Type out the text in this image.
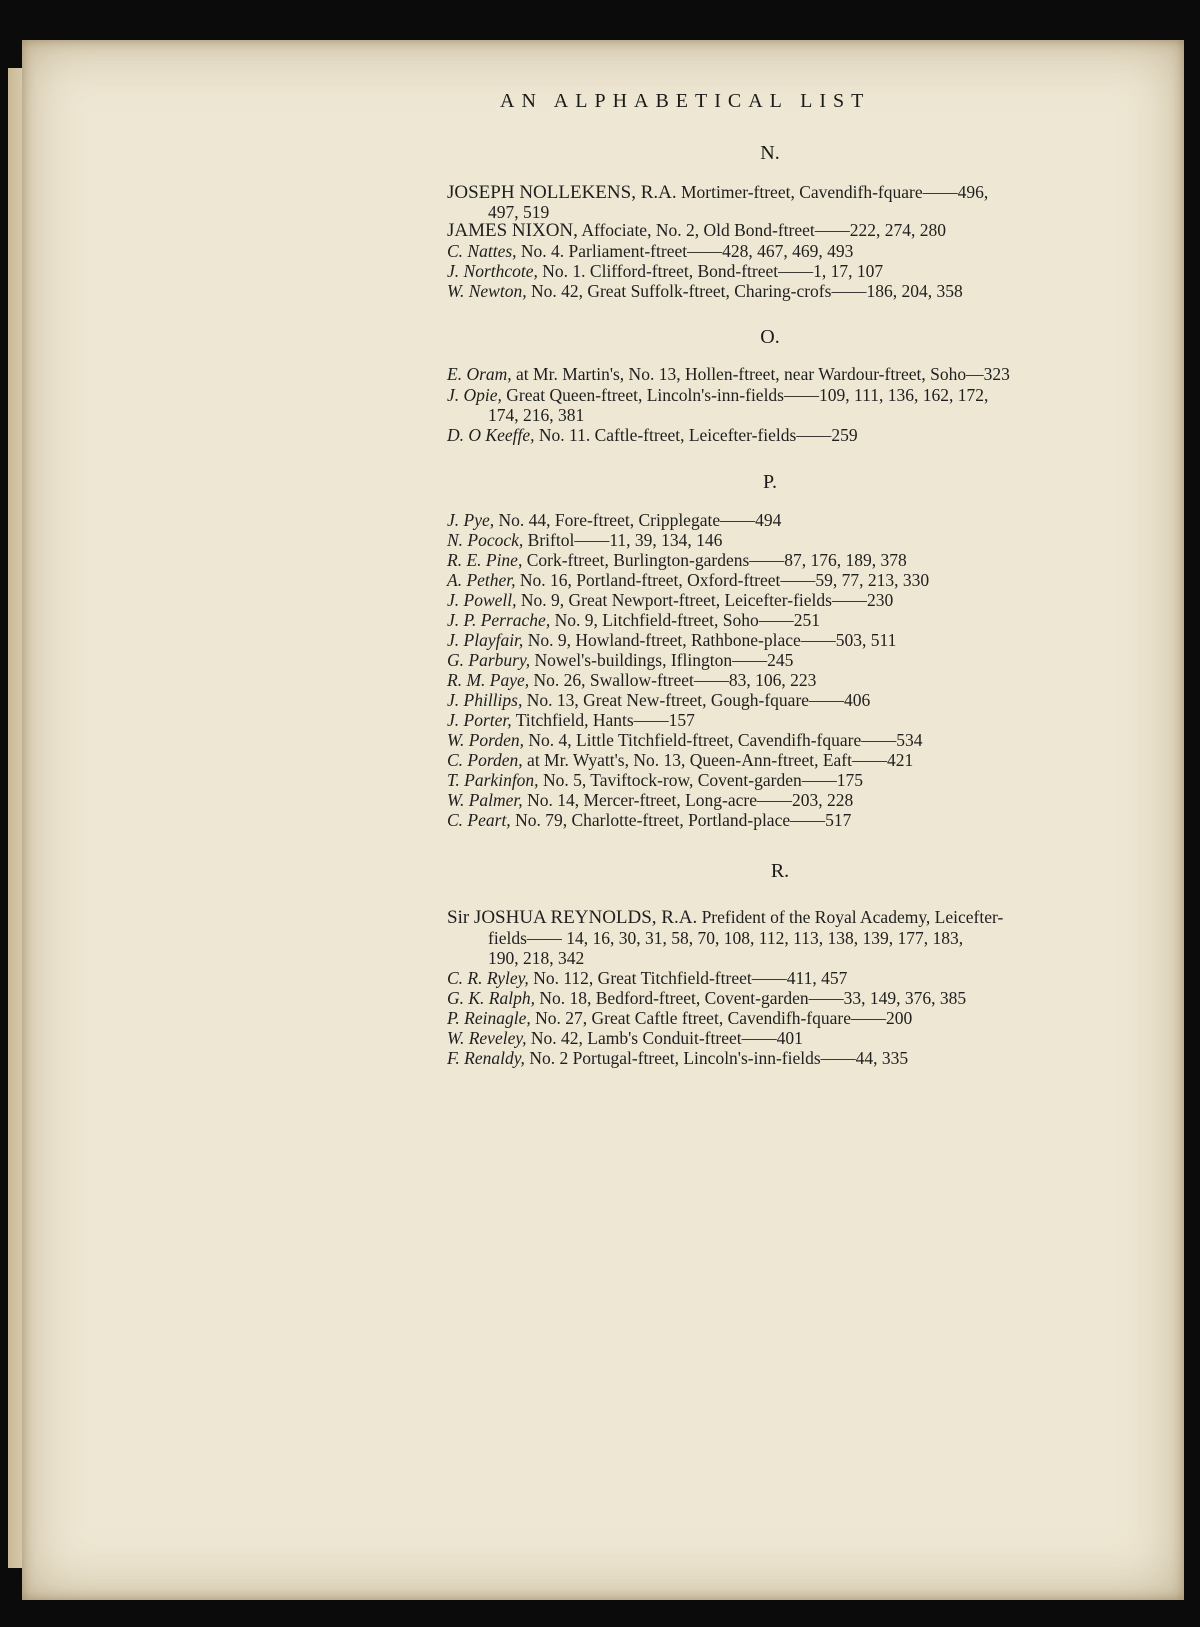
AN ALPHABETICAL LIST
N.
JOSEPH NOLLEKENS, R.A. Mortimer-ftreet, Cavendifh-fquare——496,
497, 519
JAMES NIXON, Affociate, No. 2, Old Bond-ftreet——222, 274, 280
C. Nattes, No. 4. Parliament-ftreet——428, 467, 469, 493
J. Northcote, No. 1. Clifford-ftreet, Bond-ftreet——1, 17, 107
W. Newton, No. 42, Great Suffolk-ftreet, Charing-crofs——186, 204, 358
O.
E. Oram, at Mr. Martin's, No. 13, Hollen-ftreet, near Wardour-ftreet, Soho—323
J. Opie, Great Queen-ftreet, Lincoln's-inn-fields——109, 111, 136, 162, 172,
174, 216, 381
D. O Keeffe, No. 11. Caftle-ftreet, Leicefter-fields——259
P.
J. Pye, No. 44, Fore-ftreet, Cripplegate——494
N. Pocock, Briftol——11, 39, 134, 146
R. E. Pine, Cork-ftreet, Burlington-gardens——87, 176, 189, 378
A. Pether, No. 16, Portland-ftreet, Oxford-ftreet——59, 77, 213, 330
J. Powell, No. 9, Great Newport-ftreet, Leicefter-fields——230
J. P. Perrache, No. 9, Litchfield-ftreet, Soho——251
J. Playfair, No. 9, Howland-ftreet, Rathbone-place——503, 511
G. Parbury, Nowel's-buildings, Iflington——245
R. M. Paye, No. 26, Swallow-ftreet——83, 106, 223
J. Phillips, No. 13, Great New-ftreet, Gough-fquare——406
J. Porter, Titchfield, Hants——157
W. Porden, No. 4, Little Titchfield-ftreet, Cavendifh-fquare——534
C. Porden, at Mr. Wyatt's, No. 13, Queen-Ann-ftreet, Eaft——421
T. Parkinfon, No. 5, Taviftock-row, Covent-garden——175
W. Palmer, No. 14, Mercer-ftreet, Long-acre——203, 228
C. Peart, No. 79, Charlotte-ftreet, Portland-place——517
R.
Sir JOSHUA REYNOLDS, R.A. Prefident of the Royal Academy, Leicefter-
fields—— 14, 16, 30, 31, 58, 70, 108, 112, 113, 138, 139, 177, 183,
190, 218, 342
C. R. Ryley, No. 112, Great Titchfield-ftreet——411, 457
G. K. Ralph, No. 18, Bedford-ftreet, Covent-garden——33, 149, 376, 385
P. Reinagle, No. 27, Great Caftle ftreet, Cavendifh-fquare——200
W. Reveley, No. 42, Lamb's Conduit-ftreet——401
F. Renaldy, No. 2 Portugal-ftreet, Lincoln's-inn-fields——44, 335
